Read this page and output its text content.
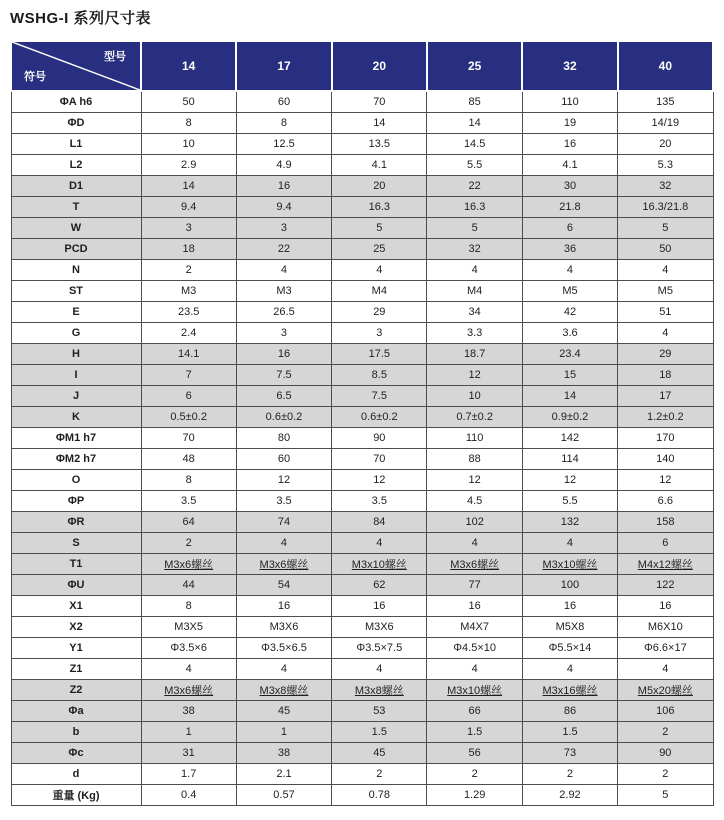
WSHG-I 系列尺寸表
型号
符号	14	17	20	25	32	40
ΦA h6	50	60	70	85	110	135
ΦD	8	8	14	14	19	14/19
L1	10	12.5	13.5	14.5	16	20
L2	2.9	4.9	4.1	5.5	4.1	5.3
D1	14	16	20	22	30	32
T	9.4	9.4	16.3	16.3	21.8	16.3/21.8
W	3	3	5	5	6	5
PCD	18	22	25	32	36	50
N	2	4	4	4	4	4
ST	M3	M3	M4	M4	M5	M5
E	23.5	26.5	29	34	42	51
G	2.4	3	3	3.3	3.6	4
H	14.1	16	17.5	18.7	23.4	29
I	7	7.5	8.5	12	15	18
J	6	6.5	7.5	10	14	17
K	0.5±0.2	0.6±0.2	0.6±0.2	0.7±0.2	0.9±0.2	1.2±0.2
ΦM1 h7	70	80	90	110	142	170
ΦM2 h7	48	60	70	88	114	140
O	8	12	12	12	12	12
ΦP	3.5	3.5	3.5	4.5	5.5	6.6
ΦR	64	74	84	102	132	158
S	2	4	4	4	4	6
T1	M3x6螺丝	M3x6螺丝	M3x10螺丝	M3x6螺丝	M3x10螺丝	M4x12螺丝
ΦU	44	54	62	77	100	122
X1	8	16	16	16	16	16
X2	M3X5	M3X6	M3X6	M4X7	M5X8	M6X10
Y1	Φ3.5×6	Φ3.5×6.5	Φ3.5×7.5	Φ4.5×10	Φ5.5×14	Φ6.6×17
Z1	4	4	4	4	4	4
Z2	M3x6螺丝	M3x8螺丝	M3x8螺丝	M3x10螺丝	M3x16螺丝	M5x20螺丝
Φa	38	45	53	66	86	106
b	1	1	1.5	1.5	1.5	2
Φc	31	38	45	56	73	90
d	1.7	2.1	2	2	2	2
重量 (Kg)	0.4	0.57	0.78	1.29	2.92	5
